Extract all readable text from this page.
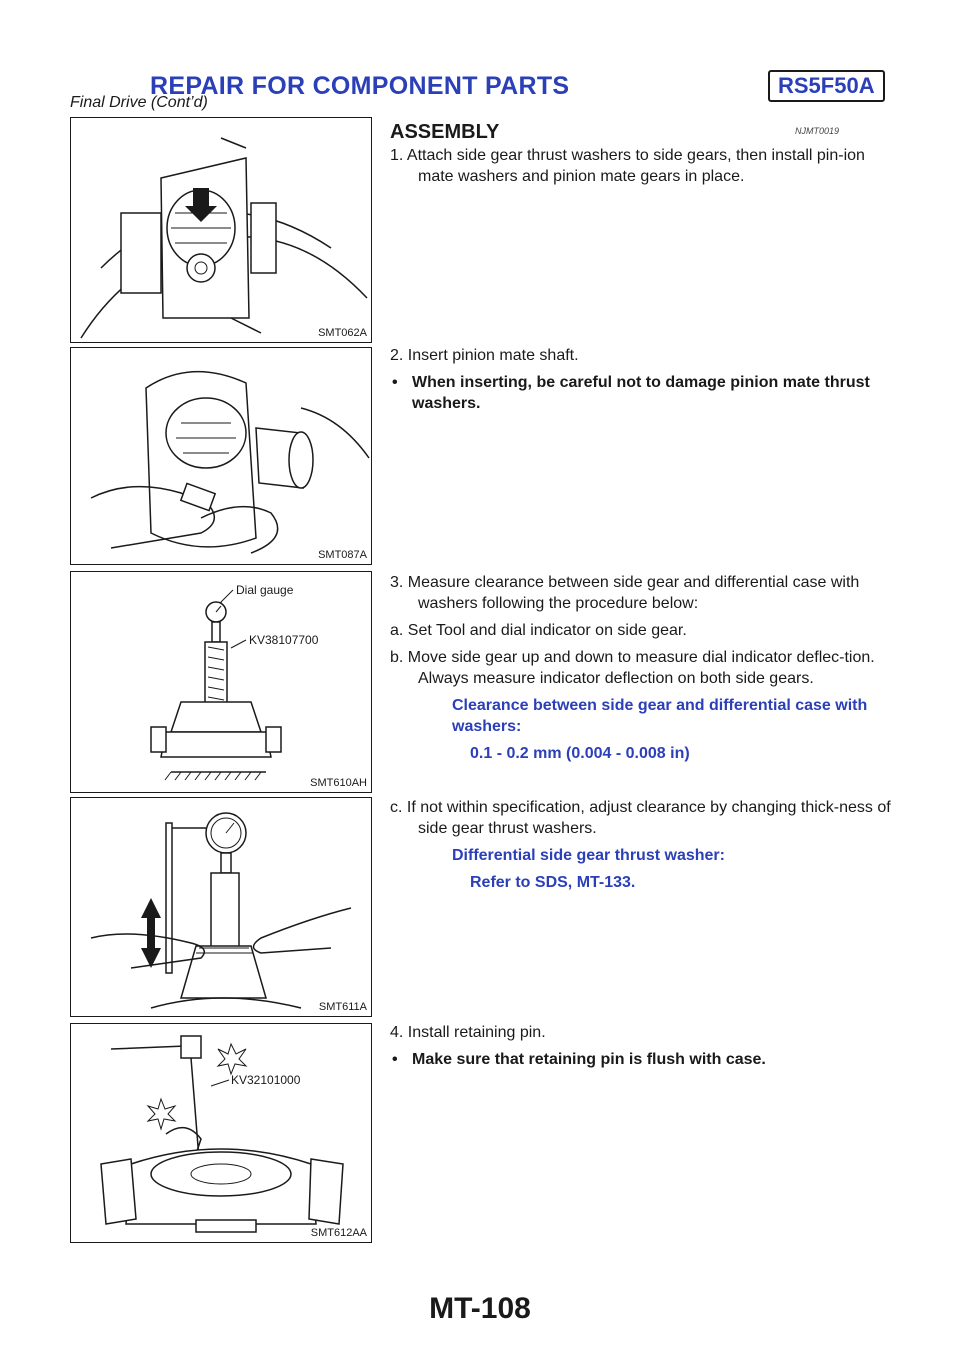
REPAIR FOR COMPONENT PARTS	RS5F50A
Final Drive (Cont’d)
SMT062A
SMT087A
Dial gauge
KV38107700
SMT610AH
SMT611A
KV32101000
SMT612AA
ASSEMBLY	NJMT0019

1. Attach side gear thrust washers to side gears, then install pin-ion mate washers and pinion mate gears in place.

2. Insert pinion mate shaft.

• When inserting, be careful not to damage pinion mate thrust washers.

3. Measure clearance between side gear and differential case with washers following the procedure below:

a. Set Tool and dial indicator on side gear.

b. Move side gear up and down to measure dial indicator deflec-tion. Always measure indicator deflection on both side gears.

Clearance between side gear and differential case with washers:

0.1 - 0.2 mm (0.004 - 0.008 in)

c. If not within specification, adjust clearance by changing thick-ness of side gear thrust washers.

Differential side gear thrust washer:

Refer to SDS, MT-133.

4. Install retaining pin.

• Make sure that retaining pin is flush with case.

MT-108
